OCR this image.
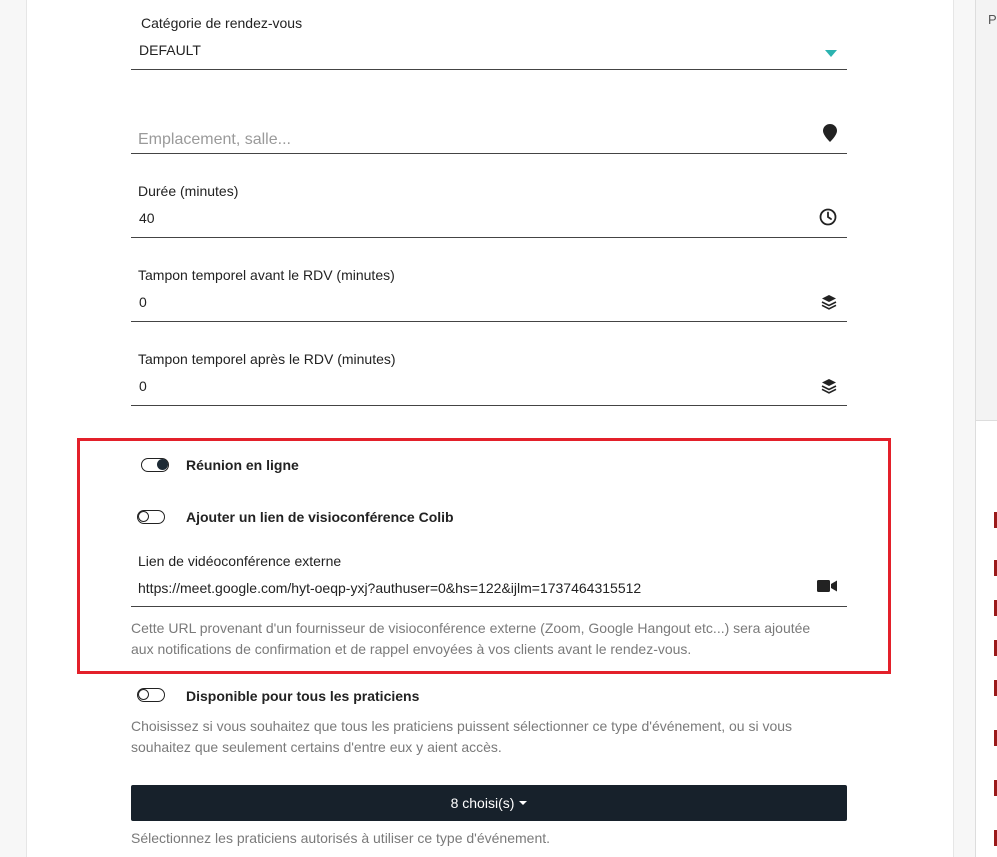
P
Catégorie de rendez-vous
DEFAULT
Emplacement, salle...
Durée (minutes)
40
Tampon temporel avant le RDV (minutes)
0
Tampon temporel après le RDV (minutes)
0
Réunion en ligne
Ajouter un lien de visioconférence Colib
Lien de vidéoconférence externe
https://meet.google.com/hyt-oeqp-yxj?authuser=0&hs=122&ijlm=1737464315512
Cette URL provenant d'un fournisseur de visioconférence externe (Zoom, Google Hangout etc...) sera ajoutée
aux notifications de confirmation et de rappel envoyées à vos clients avant le rendez-vous.
Disponible pour tous les praticiens
Choisissez si vous souhaitez que tous les praticiens puissent sélectionner ce type d'événement, ou si vous
souhaitez que seulement certains d'entre eux y aient accès.
8 choisi(s)
Sélectionnez les praticiens autorisés à utiliser ce type d'événement.
